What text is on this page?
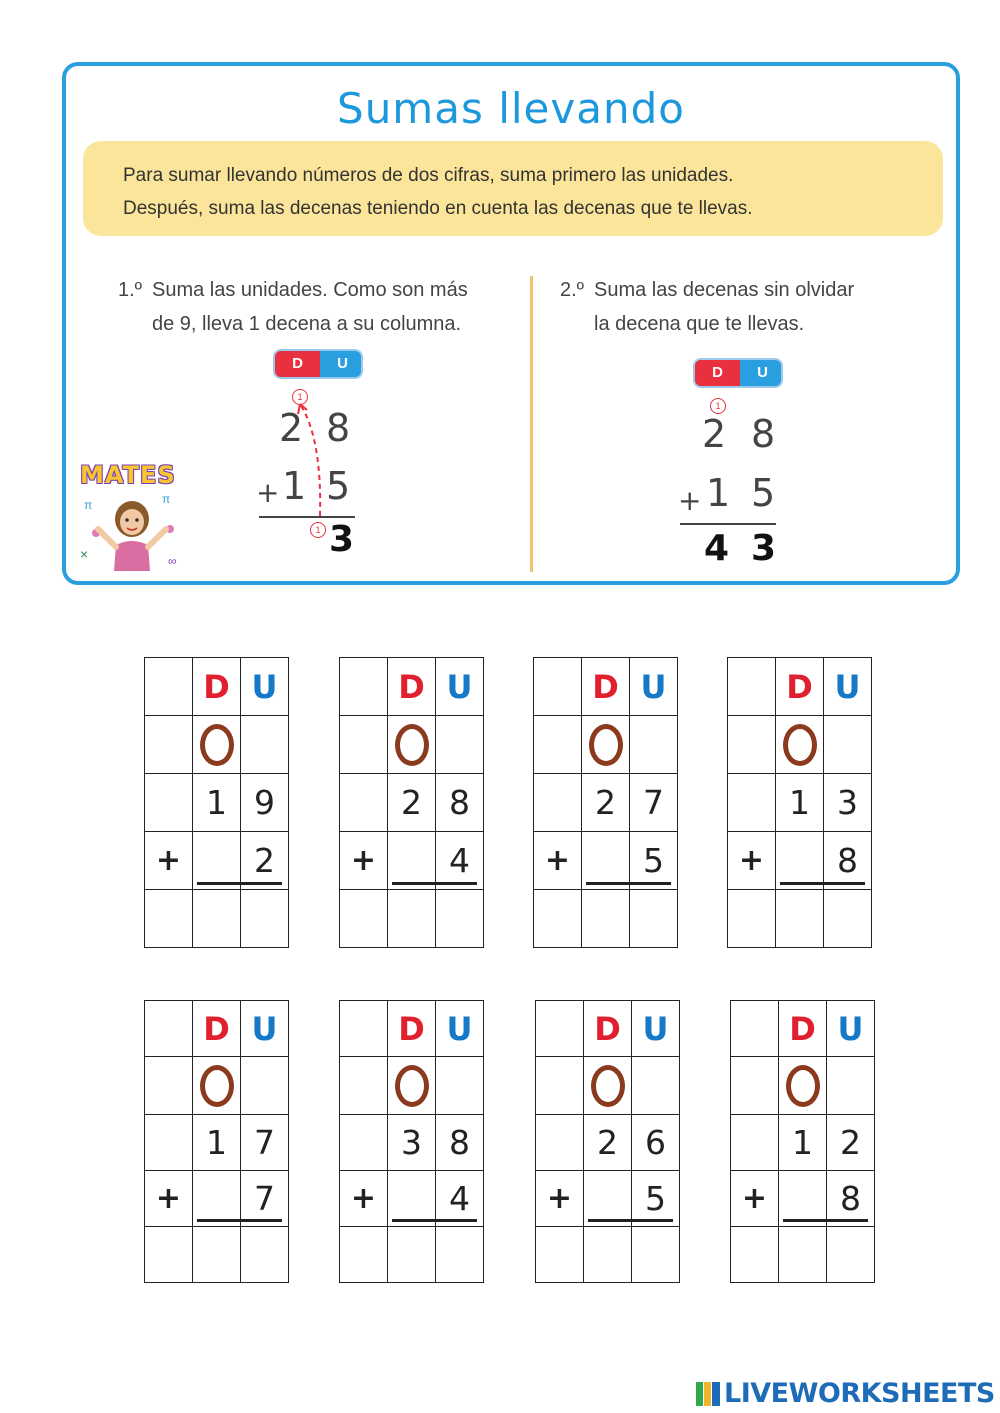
Sumas llevando
Para sumar llevando números de dos cifras, suma primero las unidades.
Después, suma las decenas teniendo en cuenta las decenas que te llevas.
1.º Suma las unidades. Como son más
de 9, lleva 1 decena a su columna.
2.º Suma las decenas sin olvidar
la decena que te llevas.
D	U
1
2 8
+ 1 5
1 3
D	U
1
2 8
+ 1 5
4 3
MATES
π	π
×	∞
	D	U

	1	9
+		2

	D	U

	2	8
+		4

	D	U

	2	7
+		5

	D	U

	1	3
+		8

	D	U

	1	7
+		7

	D	U

	3	8
+		4

	D	U

	2	6
+		5

	D	U

	1	2
+		8

LIVEWORKSHEETS
